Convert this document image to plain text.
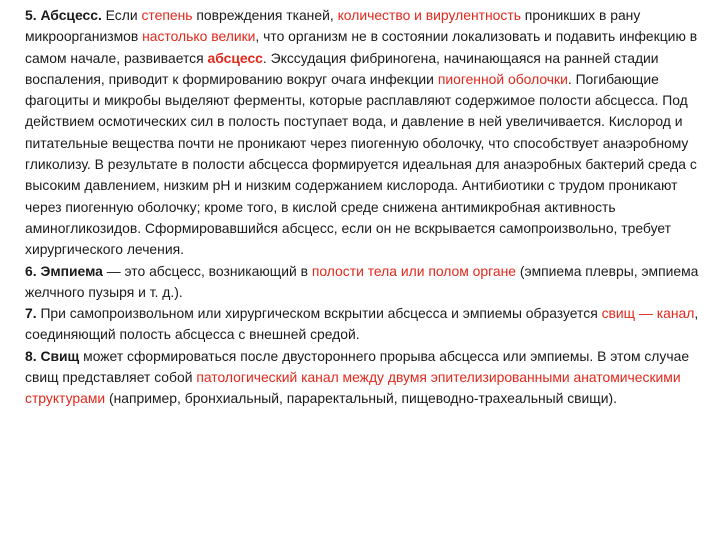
5. Абсцесс. Если степень повреждения тканей, количество и вирулентность проникших в рану микроорганизмов настолько велики, что организм не в состоянии локализовать и подавить инфекцию в самом начале, развивается абсцесс. Экссудация фибриногена, начинающаяся на ранней стадии воспаления, приводит к формированию вокруг очага инфекции пиогенной оболочки. Погибающие фагоциты и микробы выделяют ферменты, которые расплавляют содержимое полости абсцесса. Под действием осмотических сил в полость поступает вода, и давление в ней увеличивается. Кислород и питательные вещества почти не проникают через пиогенную оболочку, что способствует анаэробному гликолизу. В результате в полости абсцесса формируется идеальная для анаэробных бактерий среда с высоким давлением, низким рН и низким содержанием кислорода. Антибиотики с трудом проникают через пиогенную оболочку; кроме того, в кислой среде снижена антимикробная активность аминогликозидов. Сформировавшийся абсцесс, если он не вскрывается самопроизвольно, требует хирургического лечения.

6. Эмпиема — это абсцесс, возникающий в полости тела или полом органе (эмпиема плевры, эмпиема желчного пузыря и т. д.).

7. При самопроизвольном или хирургическом вскрытии абсцесса и эмпиемы образуется свищ — канал, соединяющий полость абсцесса с внешней средой.

8. Свищ может сформироваться после двустороннего прорыва абсцесса или эмпиемы. В этом случае свищ представляет собой патологический канал между двумя эпителизированными анатомическими структурами (например, бронхиальный, параректальный, пищеводно-трахеальный свищи).
